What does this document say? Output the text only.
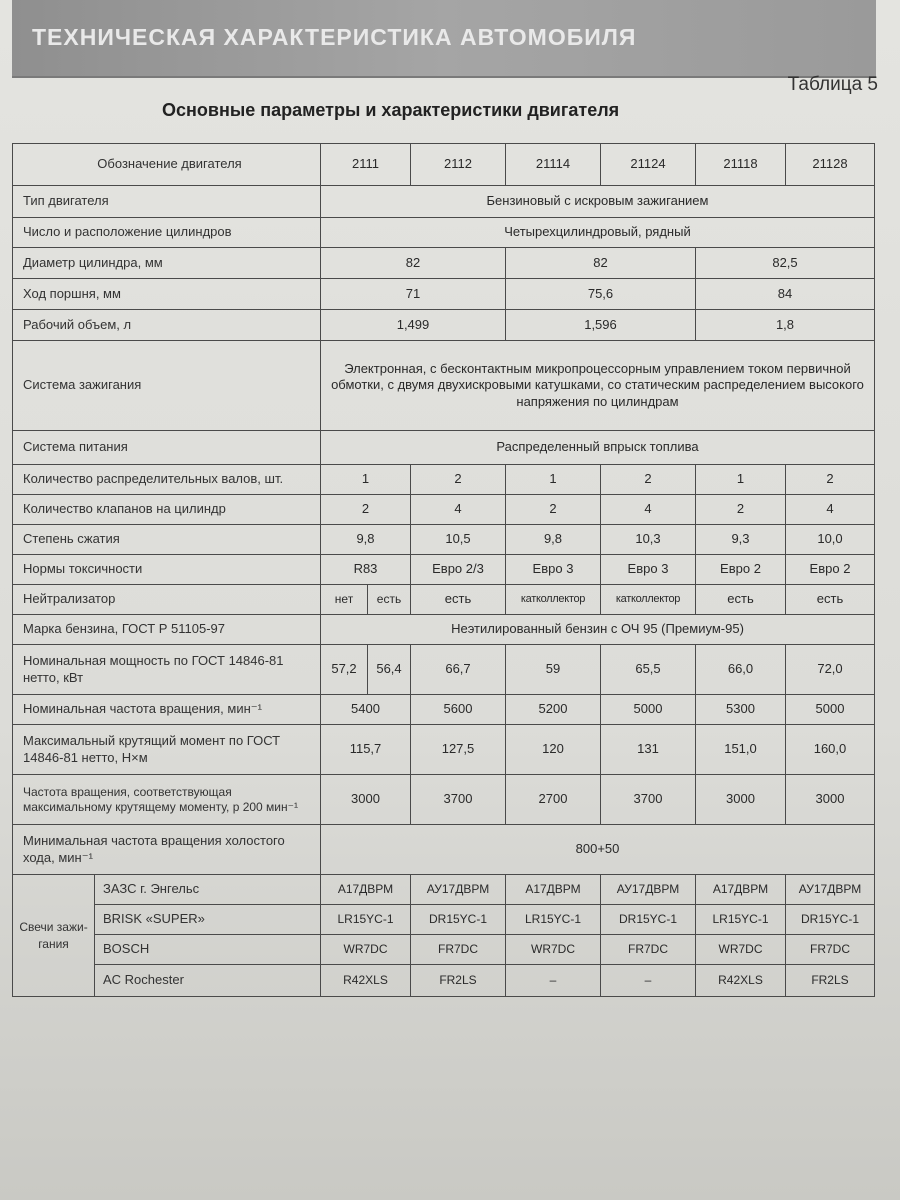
ТЕХНИЧЕСКАЯ ХАРАКТЕРИСТИКА АВТОМОБИЛЯ
Таблица 5
Основные параметры и характеристики двигателя
Обозначение двигателя		2111		2112	21114	21124	21118	21128
Тип двигателя		Бензиновый с искровым зажиганием						
Число и расположение цилиндров		Четырехцилиндровый, рядный						
Диаметр цилиндра, мм		82			82		82,5	
Ход поршня, мм		71			75,6		84	
Рабочий объем, л		1,499			1,596		1,8	
Система зажигания		Электронная, с бесконтактным микропроцессорным управлением током первичной обмотки, с двумя двухискровыми катушками, со статическим распределением высокого напряжения по цилиндрам						
Система питания		Распределенный впрыск топлива						
Количество распределительных валов, шт.		1		2	1	2	1	2
Количество клапанов на цилиндр		2		4	2	4	2	4
Степень сжатия		9,8		10,5	9,8	10,3	9,3	10,0
Нормы токсичности		R83		Евро 2/3	Евро 3	Евро 3	Евро 2	Евро 2
Нейтрализатор		нет	есть	есть	катколлектор	катколлектор	есть	есть
Марка бензина, ГОСТ Р 51105-97		Неэтилированный бензин с ОЧ 95 (Премиум-95)						
Номинальная мощность по ГОСТ 14846-81 нетто, кВт		57,2	56,4	66,7	59	65,5	66,0	72,0
Номинальная частота вращения, мин⁻¹		5400		5600	5200	5000	5300	5000
Максимальный крутящий момент по ГОСТ 14846-81 нетто, Н×м		115,7		127,5	120	131	151,0	160,0
Частота вращения, соответствующая максимальному крутящему моменту, р 200 мин⁻¹		3000		3700	2700	3700	3000	3000
Минимальная частота вращения холостого хода, мин⁻¹		800+50						
Свечи зажи-гания	ЗАЗС г. Энгельс	А17ДВРМ		АУ17ДВРМ	А17ДВРМ	АУ17ДВРМ	А17ДВРМ	АУ17ДВРМ
	BRISK «SUPER»	LR15YC-1		DR15YC-1	LR15YC-1	DR15YC-1	LR15YC-1	DR15YC-1
	BOSCH	WR7DC		FR7DC	WR7DC	FR7DC	WR7DC	FR7DC
	AC Rochester	R42XLS		FR2LS	–	–	R42XLS	FR2LS
